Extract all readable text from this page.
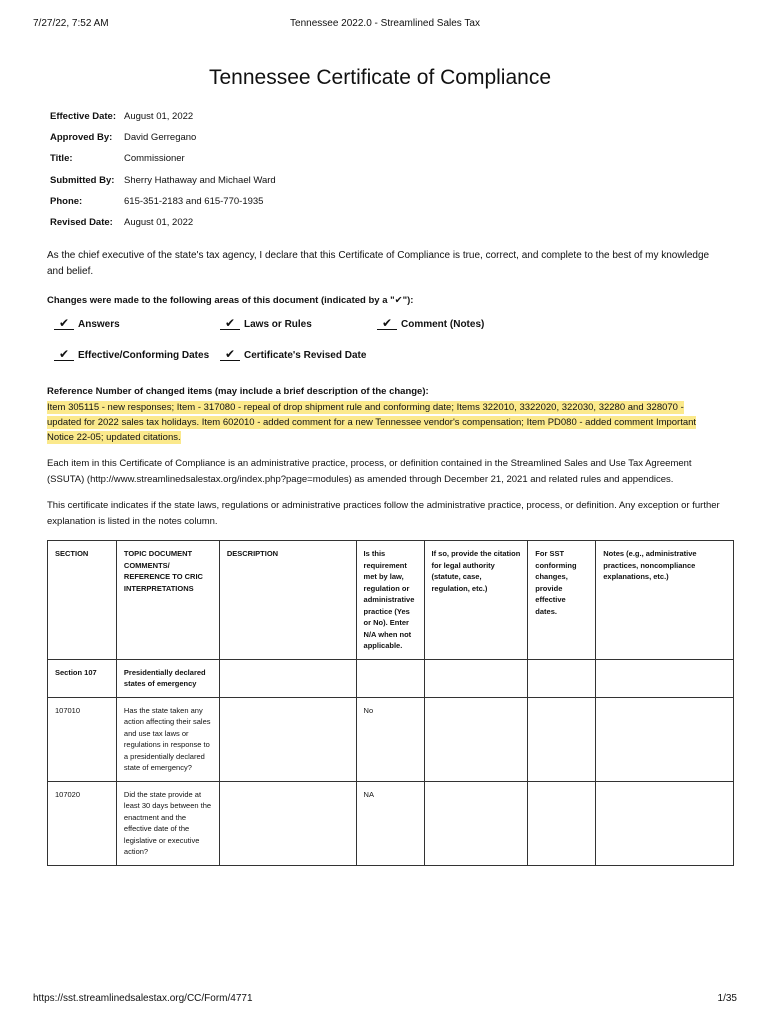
7/27/22, 7:52 AM	Tennessee 2022.0 - Streamlined Sales Tax
Tennessee Certificate of Compliance
Effective Date: August 01, 2022
Approved By:	David Gerregano
Title:	Commissioner
Submitted By:	Sherry Hathaway and Michael Ward
Phone:	615-351-2183 and 615-770-1935
Revised Date:	August 01, 2022
As the chief executive of the state's tax agency, I declare that this Certificate of Compliance is true, correct, and complete to the best of my knowledge and belief.
Changes were made to the following areas of this document (indicated by a "✔"):
✔ Answers	✔ Laws or Rules	✔ Comment (Notes)
✔ Effective/Conforming Dates	✔ Certificate's Revised Date
Reference Number of changed items (may include a brief description of the change):
Item 305115 - new responses; Item - 317080 - repeal of drop shipment rule and conforming date; Items 322010, 3322020, 322030, 32280 and 328070 - updated for 2022 sales tax holidays. Item 602010 - added comment for a new Tennessee vendor's compensation; Item PD080 - added comment Important Notice 22-05; updated citations.
Each item in this Certificate of Compliance is an administrative practice, process, or definition contained in the Streamlined Sales and Use Tax Agreement (SSUTA) (http://www.streamlinedsalestax.org/index.php?page=modules) as amended through December 21, 2021 and related rules and appendices.
This certificate indicates if the state laws, regulations or administrative practices follow the administrative practice, process, or definition. Any exception or further explanation is listed in the notes column.
SECTION	TOPIC DOCUMENT COMMENTS/ REFERENCE TO CRIC INTERPRETATIONS	DESCRIPTION	Is this requirement met by law, regulation or administrative practice (Yes or No). Enter N/A when not applicable.	If so, provide the citation for legal authority (statute, case, regulation, etc.)	For SST conforming changes, provide effective dates.	Notes (e.g., administrative practices, noncompliance explanations, etc.)
Section 107	Presidentially declared states of emergency					
107010	Has the state taken any action affecting their sales and use tax laws or regulations in response to a presidentially declared state of emergency?		No			
107020	Did the state provide at least 30 days between the enactment and the effective date of the legislative or executive action?		NA			
https://sst.streamlinedsalestax.org/CC/Form/4771	1/35
